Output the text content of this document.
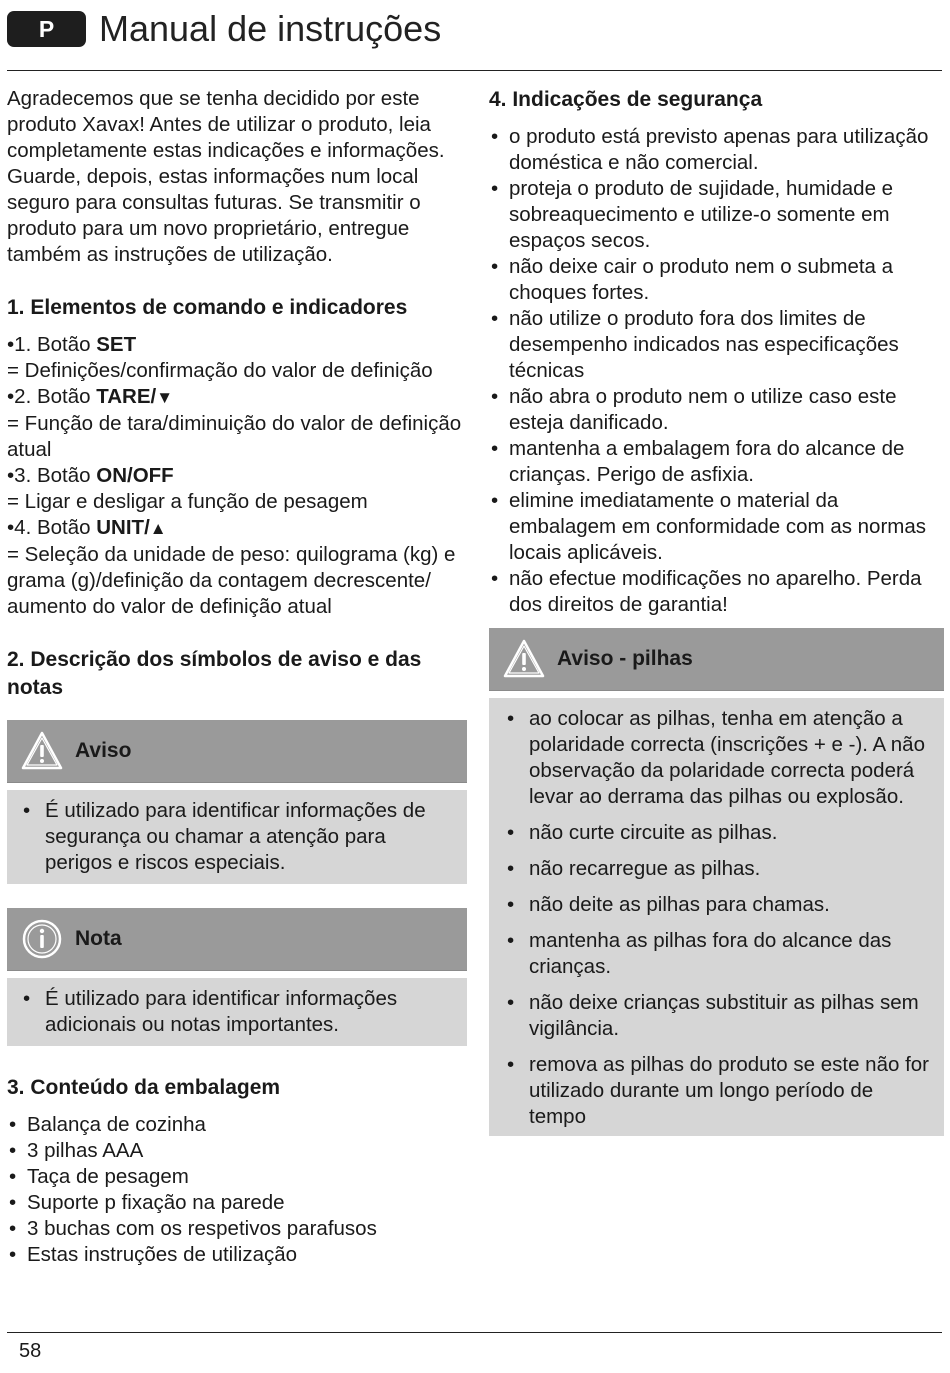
P	Manual de instruções

Agradecemos que se tenha decidido por este produto Xavax! Antes de utilizar o produto, leia completamente estas indicações e informações. Guarde, depois, estas informações num local seguro para consultas futuras. Se transmitir o produto para um novo proprietário, entregue também as instruções de utilização.

1. Elementos de comando e indicadores
•1. Botão SET
= Definições/confirmação do valor de definição
•2. Botão TARE/▼
= Função de tara/diminuição do valor de definição atual
•3. Botão ON/OFF
= Ligar e desligar a função de pesagem
•4. Botão UNIT/▲
= Seleção da unidade de peso: quilograma (kg) e grama (g)/definição da contagem decrescente/ aumento do valor de definição atual
2. Descrição dos símbolos de aviso e das notas
Aviso
• É utilizado para identificar informações de segurança ou chamar a atenção para perigos e riscos especiais.
Nota
• É utilizado para identificar informações adicionais ou notas importantes.
3. Conteúdo da embalagem
• Balança de cozinha
• 3 pilhas AAA
• Taça de pesagem
• Suporte p fixação na parede
• 3 buchas com os respetivos parafusos
• Estas instruções de utilização
4. Indicações de segurança
• o produto está previsto apenas para utilização doméstica e não comercial.
• proteja o produto de sujidade, humidade e sobreaquecimento e utilize-o somente em espaços secos.
• não deixe cair o produto nem o submeta a choques fortes.
• não utilize o produto fora dos limites de desempenho indicados nas especificações técnicas
• não abra o produto nem o utilize caso este esteja danificado.
• mantenha a embalagem fora do alcance de crianças. Perigo de asfixia.
• elimine imediatamente o material da embalagem em conformidade com as normas locais aplicáveis.
• não efectue modificações no aparelho. Perda dos direitos de garantia!
Aviso - pilhas
• ao colocar as pilhas, tenha em atenção a polaridade correcta (inscrições + e -). A não observação da polaridade correcta poderá levar ao derrama das pilhas ou explosão.
• não curte circuite as pilhas.
• não recarregue as pilhas.
• não deite as pilhas para chamas.
• mantenha as pilhas fora do alcance das crianças.
• não deixe crianças substituir as pilhas sem vigilância.
• remova as pilhas do produto se este não for utilizado durante um longo período de tempo
58
